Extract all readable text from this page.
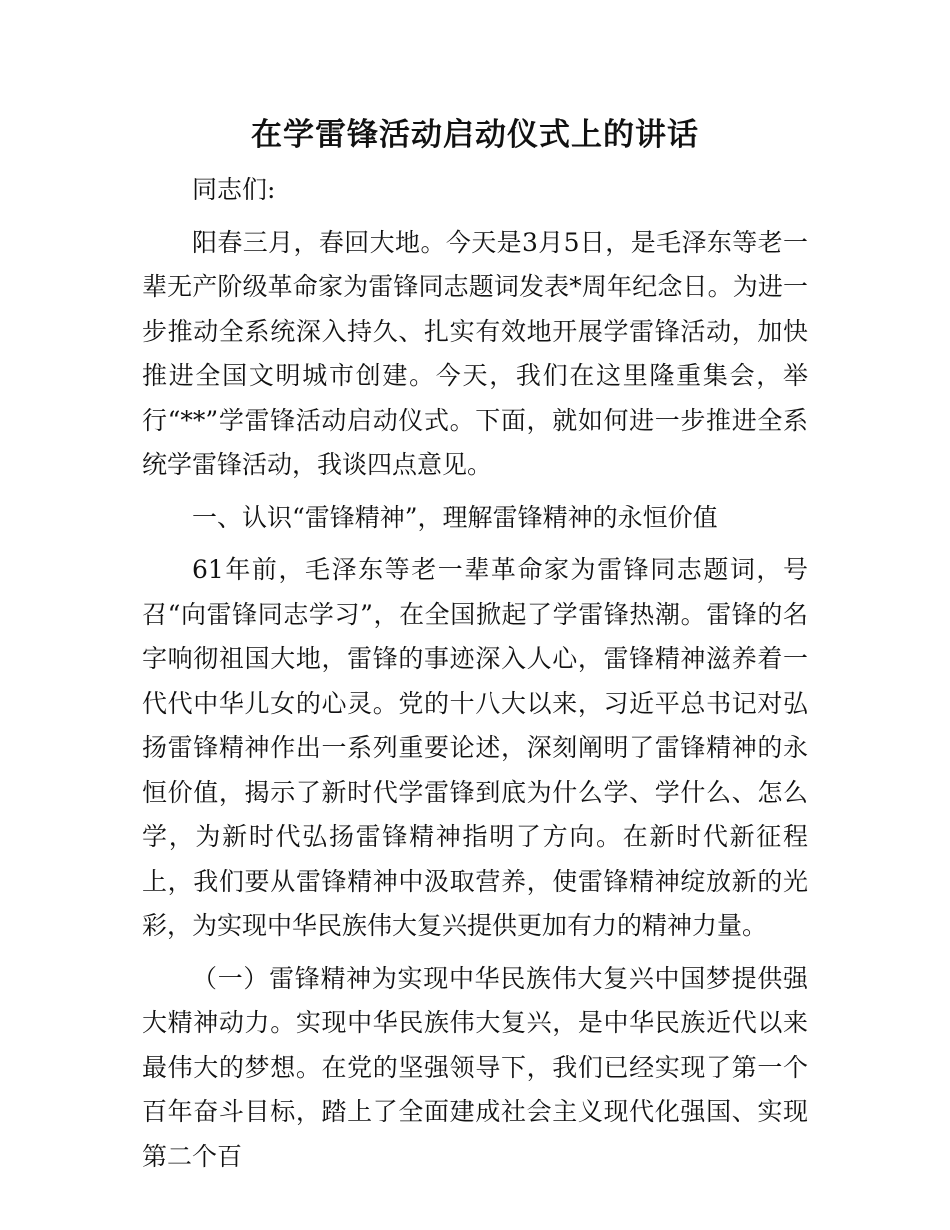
在学雷锋活动启动仪式上的讲话

同志们:

阳春三月，春回大地。今天是3月5日，是毛泽东等老一辈无产阶级革命家为雷锋同志题词发表*周年纪念日。为进一步推动全系统深入持久、扎实有效地开展学雷锋活动，加快推进全国文明城市创建。今天，我们在这里隆重集会，举行“**”学雷锋活动启动仪式。下面，就如何进一步推进全系统学雷锋活动，我谈四点意见。

一、认识“雷锋精神”，理解雷锋精神的永恒价值

61年前，毛泽东等老一辈革命家为雷锋同志题词，号召“向雷锋同志学习”，在全国掀起了学雷锋热潮。雷锋的名字响彻祖国大地，雷锋的事迹深入人心，雷锋精神滋养着一代代中华儿女的心灵。党的十八大以来，习近平总书记对弘扬雷锋精神作出一系列重要论述，深刻阐明了雷锋精神的永恒价值，揭示了新时代学雷锋到底为什么学、学什么、怎么学，为新时代弘扬雷锋精神指明了方向。在新时代新征程上，我们要从雷锋精神中汲取营养，使雷锋精神绽放新的光彩，为实现中华民族伟大复兴提供更加有力的精神力量。

（一）雷锋精神为实现中华民族伟大复兴中国梦提供强大精神动力。实现中华民族伟大复兴，是中华民族近代以来最伟大的梦想。在党的坚强领导下，我们已经实现了第一个百年奋斗目标，踏上了全面建成社会主义现代化强国、实现第二个百
